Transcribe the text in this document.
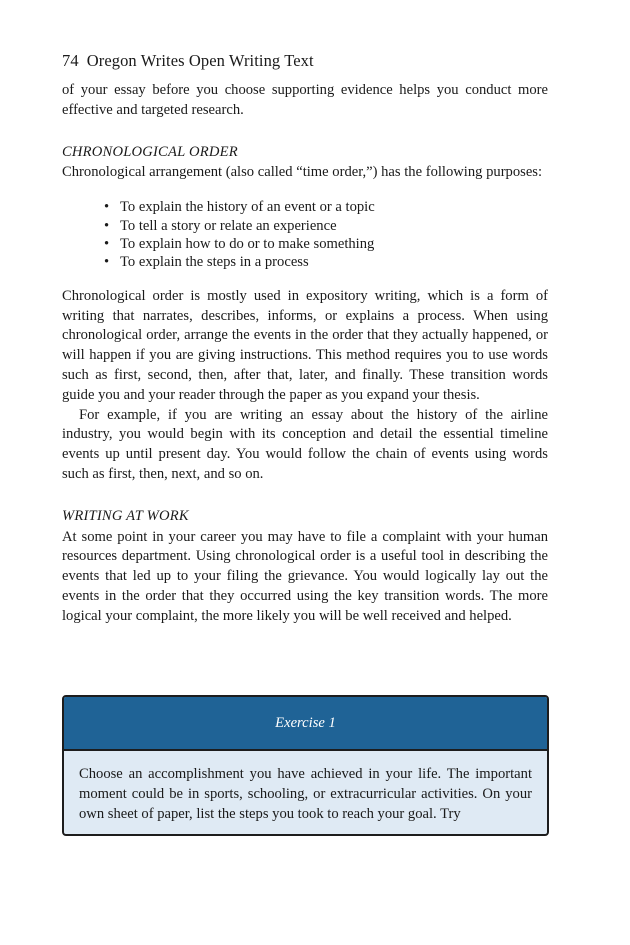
74 Oregon Writes Open Writing Text

of your essay before you choose supporting evidence helps you conduct more effective and targeted research.

CHRONOLOGICAL ORDER

Chronological arrangement (also called “time order,”) has the following purposes:

• To explain the history of an event or a topic
• To tell a story or relate an experience
• To explain how to do or to make something
• To explain the steps in a process

Chronological order is mostly used in expository writing, which is a form of writing that narrates, describes, informs, or explains a process. When using chronological order, arrange the events in the order that they actually happened, or will happen if you are giving instructions. This method requires you to use words such as first, second, then, after that, later, and finally. These transition words guide you and your reader through the paper as you expand your thesis.

For example, if you are writing an essay about the history of the airline industry, you would begin with its conception and detail the essential timeline events up until present day. You would follow the chain of events using words such as first, then, next, and so on.

WRITING AT WORK

At some point in your career you may have to file a complaint with your human resources department. Using chronological order is a useful tool in describing the events that led up to your filing the grievance. You would logically lay out the events in the order that they occurred using the key transition words. The more logical your complaint, the more likely you will be well received and helped.

Exercise 1

Choose an accomplishment you have achieved in your life. The important moment could be in sports, schooling, or extracurricular activities. On your own sheet of paper, list the steps you took to reach your goal. Try
